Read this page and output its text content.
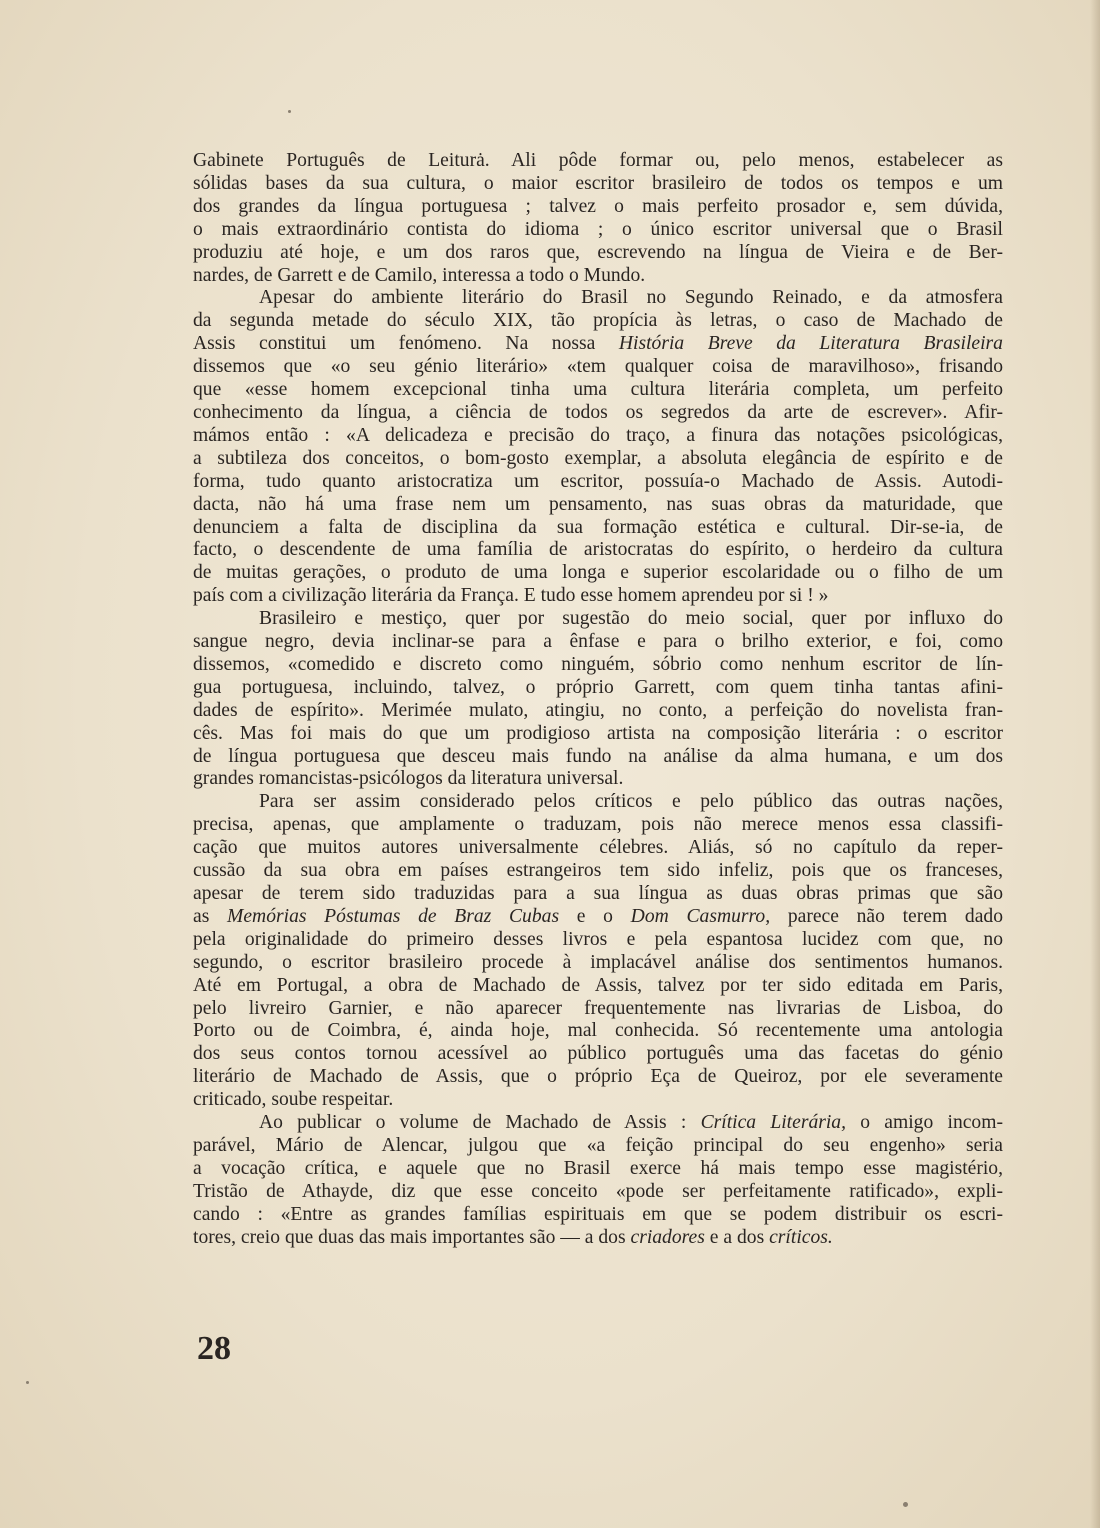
Gabinete Português de Leiturȧ. Ali pôde formar ou, pelo menos, estabelecer as
sólidas bases da sua cultura, o maior escritor brasileiro de todos os tempos e um
dos grandes da língua portuguesa ; talvez o mais perfeito prosador e, sem dúvida,
o mais extraordinário contista do idioma ; o único escritor universal que o Brasil
produziu até hoje, e um dos raros que, escrevendo na língua de Vieira e de Ber-
nardes, de Garrett e de Camilo, interessa a todo o Mundo.

Apesar do ambiente literário do Brasil no Segundo Reinado, e da atmosfera
da segunda metade do século XIX, tão propícia às letras, o caso de Machado de
Assis constitui um fenómeno. Na nossa História Breve da Literatura Brasileira
dissemos que «o seu génio literário» «tem qualquer coisa de maravilhoso», frisando
que «esse homem excepcional tinha uma cultura literária completa, um perfeito
conhecimento da língua, a ciência de todos os segredos da arte de escrever». Afir-
mámos então : «A delicadeza e precisão do traço, a finura das notações psicológicas,
a subtileza dos conceitos, o bom-gosto exemplar, a absoluta elegância de espírito e de
forma, tudo quanto aristocratiza um escritor, possuía-o Machado de Assis. Autodi-
dacta, não há uma frase nem um pensamento, nas suas obras da maturidade, que
denunciem a falta de disciplina da sua formação estética e cultural. Dir-se-ia, de
facto, o descendente de uma família de aristocratas do espírito, o herdeiro da cultura
de muitas gerações, o produto de uma longa e superior escolaridade ou o filho de um
país com a civilização literária da França. E tudo esse homem aprendeu por si ! »

Brasileiro e mestiço, quer por sugestão do meio social, quer por influxo do
sangue negro, devia inclinar-se para a ênfase e para o brilho exterior, e foi, como
dissemos, «comedido e discreto como ninguém, sóbrio como nenhum escritor de lín-
gua portuguesa, incluindo, talvez, o próprio Garrett, com quem tinha tantas afini-
dades de espírito». Merimée mulato, atingiu, no conto, a perfeição do novelista fran-
cês. Mas foi mais do que um prodigioso artista na composição literária : o escritor
de língua portuguesa que desceu mais fundo na análise da alma humana, e um dos
grandes romancistas-psicólogos da literatura universal.

Para ser assim considerado pelos críticos e pelo público das outras nações,
precisa, apenas, que amplamente o traduzam, pois não merece menos essa classifi-
cação que muitos autores universalmente célebres. Aliás, só no capítulo da reper-
cussão da sua obra em países estrangeiros tem sido infeliz, pois que os franceses,
apesar de terem sido traduzidas para a sua língua as duas obras primas que são
as Memórias Póstumas de Braz Cubas e o Dom Casmurro, parece não terem dado
pela originalidade do primeiro desses livros e pela espantosa lucidez com que, no
segundo, o escritor brasileiro procede à implacável análise dos sentimentos humanos.
Até em Portugal, a obra de Machado de Assis, talvez por ter sido editada em Paris,
pelo livreiro Garnier, e não aparecer frequentemente nas livrarias de Lisboa, do
Porto ou de Coimbra, é, ainda hoje, mal conhecida. Só recentemente uma antologia
dos seus contos tornou acessível ao público português uma das facetas do génio
literário de Machado de Assis, que o próprio Eça de Queiroz, por ele severamente
criticado, soube respeitar.

Ao publicar o volume de Machado de Assis : Crítica Literária, o amigo incom-
parável, Mário de Alencar, julgou que «a feição principal do seu engenho» seria
a vocação crítica, e aquele que no Brasil exerce há mais tempo esse magistério,
Tristão de Athayde, diz que esse conceito «pode ser perfeitamente ratificado», expli-
cando : «Entre as grandes famílias espirituais em que se podem distribuir os escri-
tores, creio que duas das mais importantes são — a dos criadores e a dos críticos.

28
